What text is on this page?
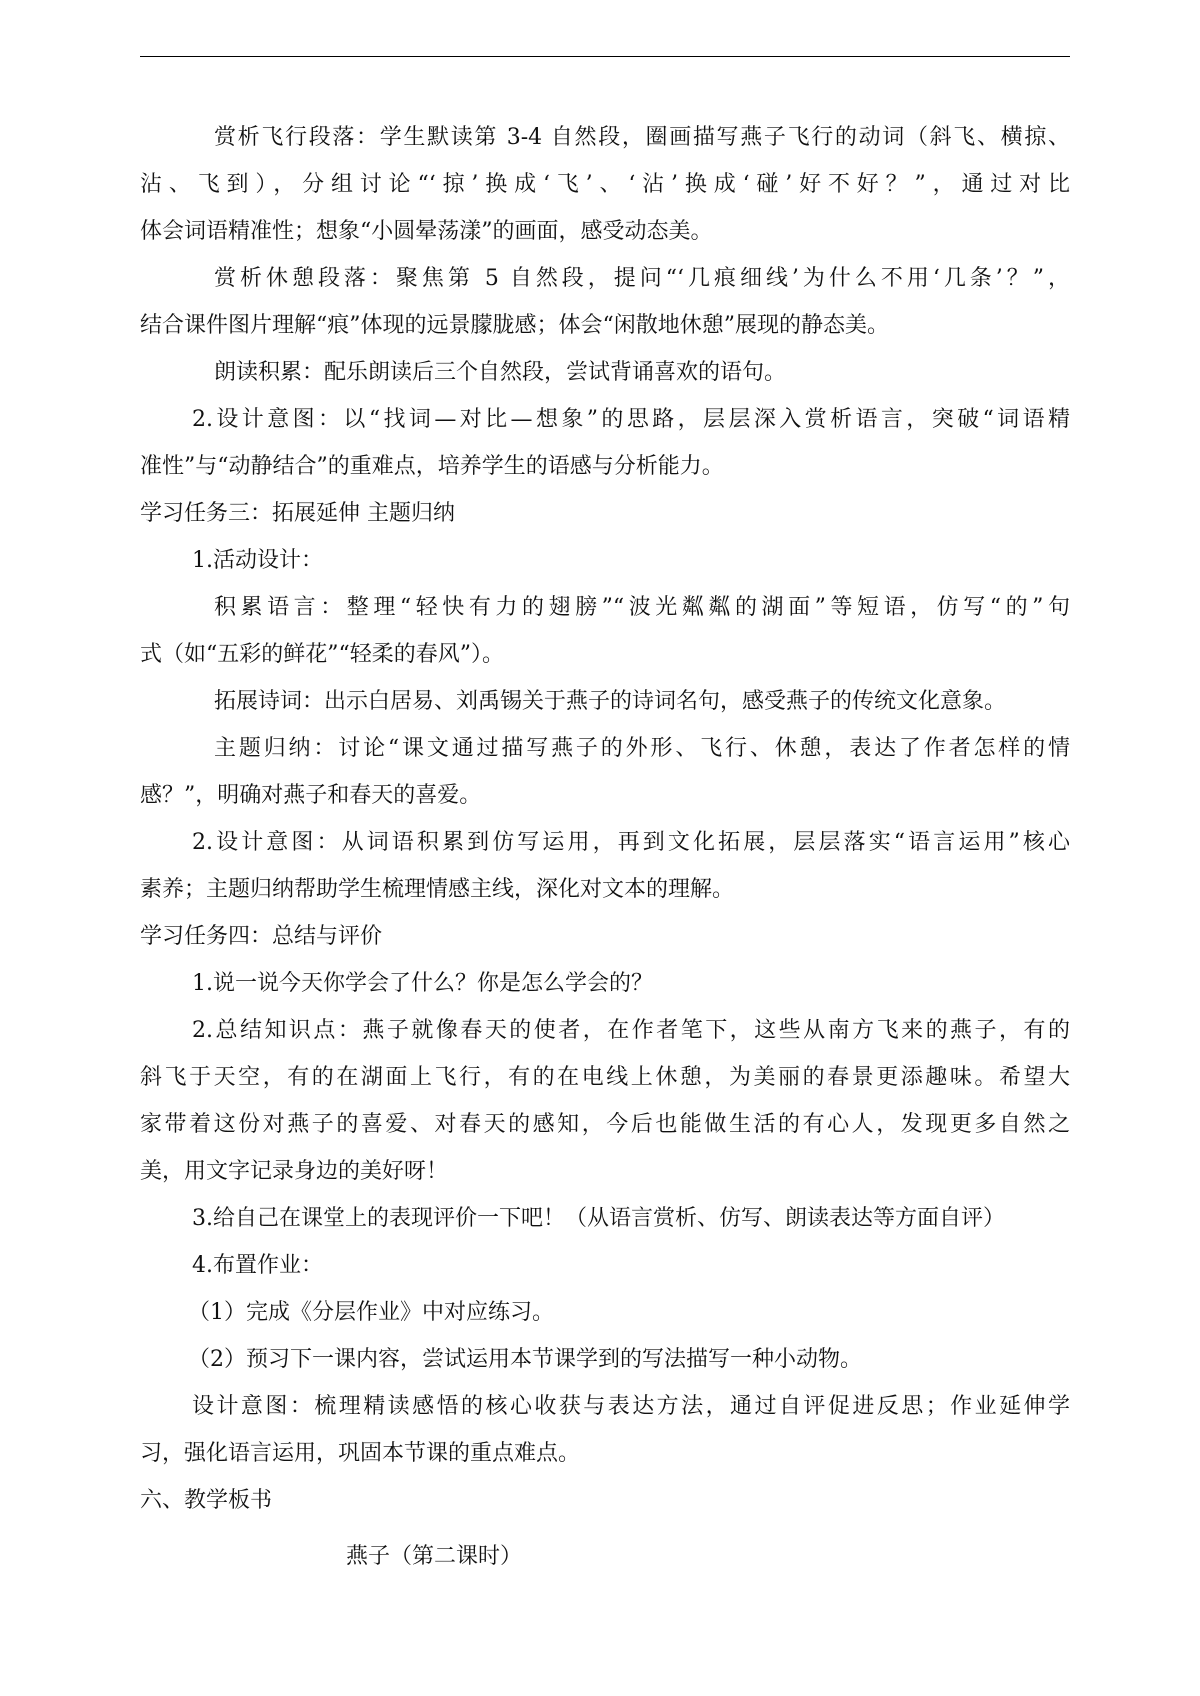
赏析飞行段落：学生默读第 3-4 自然段，圈画描写燕子飞行的动词（斜飞、横掠、
沾、飞到），分组讨论“‘掠’换成‘飞’、‘沾’换成‘碰’好不好？”，通过对比
体会词语精准性；想象“小圆晕荡漾”的画面，感受动态美。
赏析休憩段落：聚焦第 5 自然段，提问“‘几痕细线’为什么不用‘几条’？”，
结合课件图片理解“痕”体现的远景朦胧感；体会“闲散地休憩”展现的静态美。
朗读积累：配乐朗读后三个自然段，尝试背诵喜欢的语句。
2.设计意图：以“找词—对比—想象”的思路，层层深入赏析语言，突破“词语精
准性”与“动静结合”的重难点，培养学生的语感与分析能力。
学习任务三：拓展延伸 主题归纳
1.活动设计：
积累语言：整理“轻快有力的翅膀”“波光粼粼的湖面”等短语，仿写“的”句
式（如“五彩的鲜花”“轻柔的春风”）。
拓展诗词：出示白居易、刘禹锡关于燕子的诗词名句，感受燕子的传统文化意象。
主题归纳：讨论“课文通过描写燕子的外形、飞行、休憩，表达了作者怎样的情
感？”，明确对燕子和春天的喜爱。
2.设计意图：从词语积累到仿写运用，再到文化拓展，层层落实“语言运用”核心
素养；主题归纳帮助学生梳理情感主线，深化对文本的理解。
学习任务四：总结与评价
1.说一说今天你学会了什么？你是怎么学会的？
2.总结知识点：燕子就像春天的使者，在作者笔下，这些从南方飞来的燕子，有的
斜飞于天空，有的在湖面上飞行，有的在电线上休憩，为美丽的春景更添趣味。希望大
家带着这份对燕子的喜爱、对春天的感知，今后也能做生活的有心人，发现更多自然之
美，用文字记录身边的美好呀！
3.给自己在课堂上的表现评价一下吧！（从语言赏析、仿写、朗读表达等方面自评）
4.布置作业：
（1）完成《分层作业》中对应练习。
（2）预习下一课内容，尝试运用本节课学到的写法描写一种小动物。
设计意图：梳理精读感悟的核心收获与表达方法，通过自评促进反思；作业延伸学
习，强化语言运用，巩固本节课的重点难点。
六、教学板书
燕子（第二课时）
